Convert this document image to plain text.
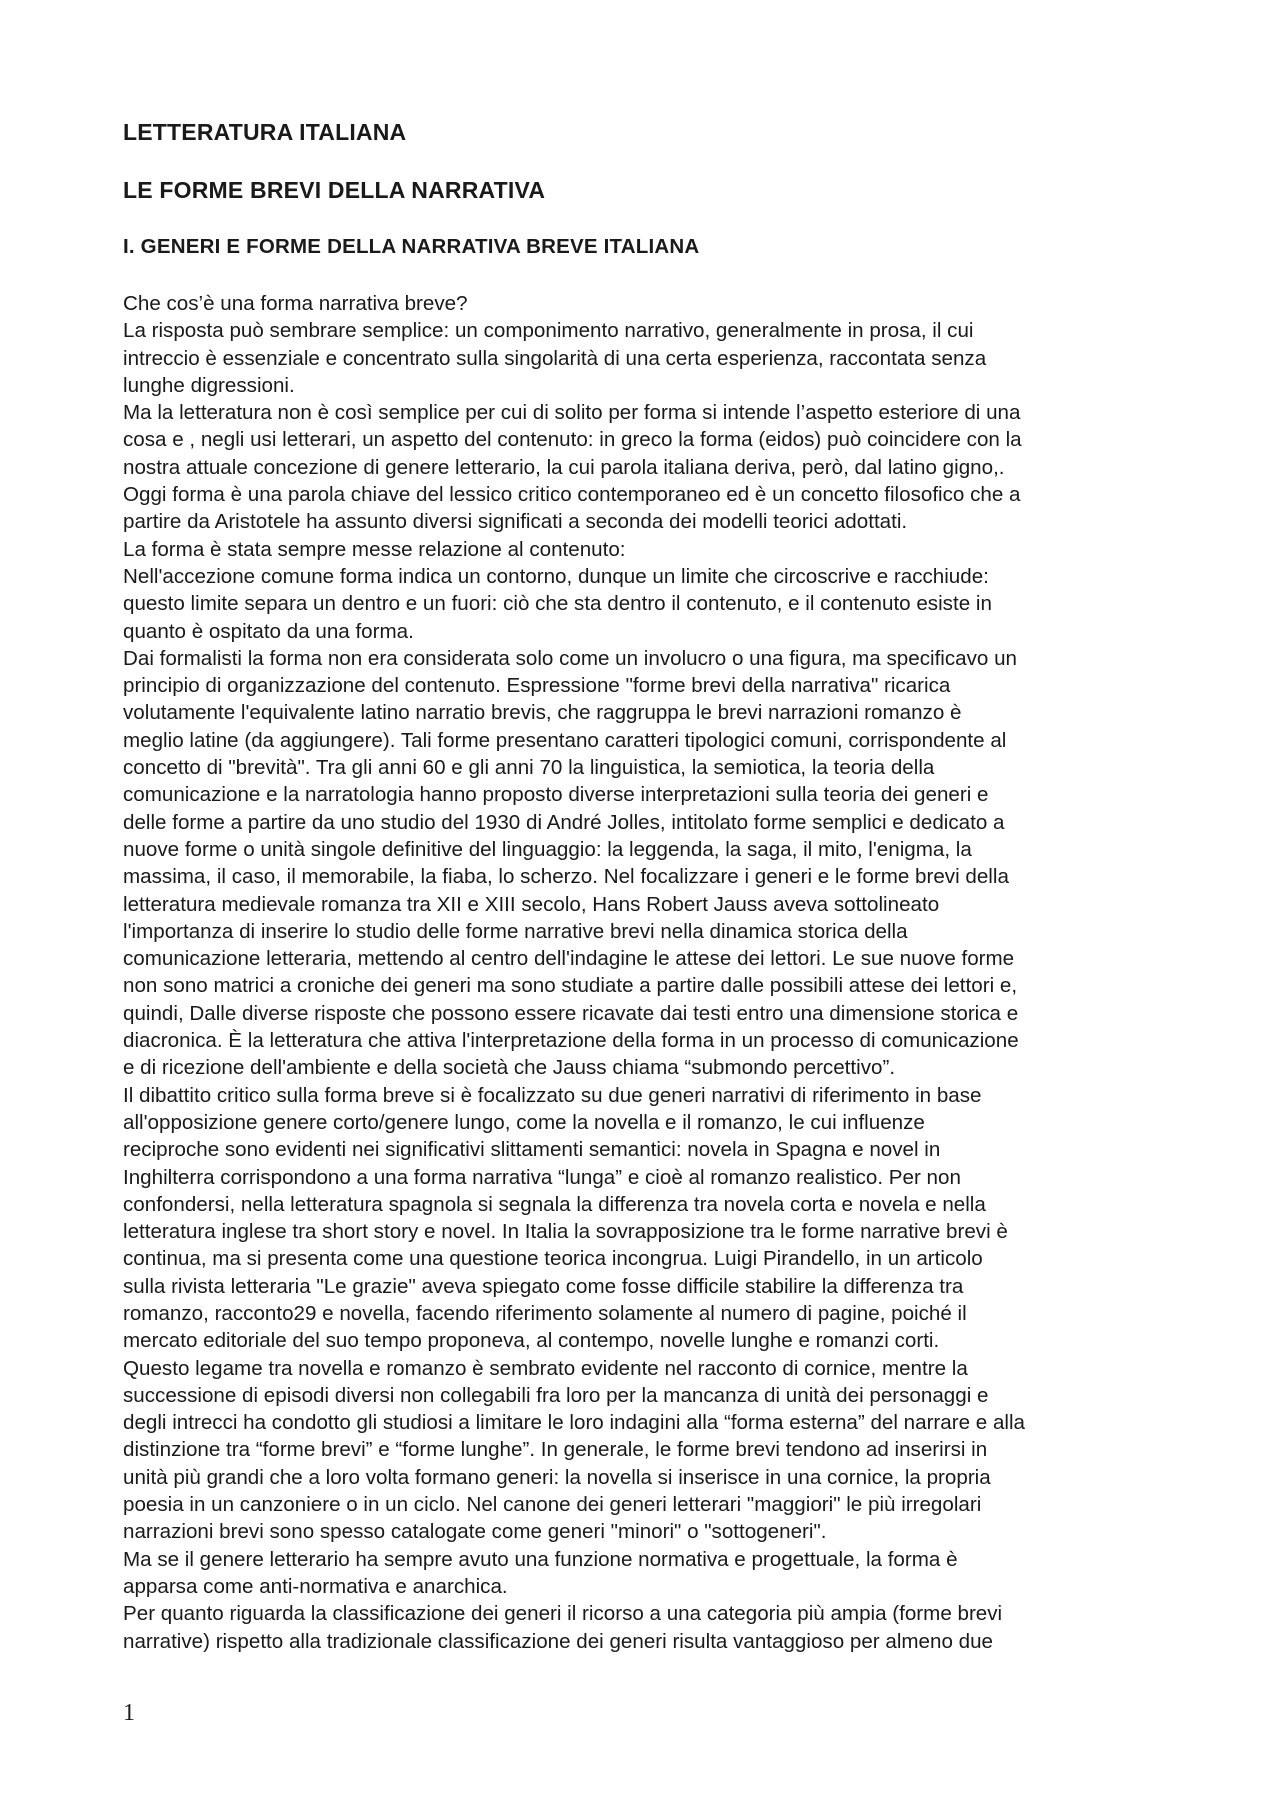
LETTERATURA ITALIANA
LE FORME BREVI DELLA NARRATIVA
I. GENERI E FORME DELLA NARRATIVA BREVE ITALIANA

Che cos’è una forma narrativa breve?
La risposta può sembrare semplice: un componimento narrativo, generalmente in prosa, il cui
intreccio è essenziale e concentrato sulla singolarità di una certa esperienza, raccontata senza
lunghe digressioni.

Ma la letteratura non è così semplice per cui di solito per forma si intende l’aspetto esteriore di una
cosa e , negli usi letterari, un aspetto del contenuto: in greco la forma (eidos) può coincidere con la
nostra attuale concezione di genere letterario, la cui parola italiana deriva, però, dal latino gigno,.
Oggi forma è una parola chiave del lessico critico contemporaneo ed è un concetto filosofico che a
partire da Aristotele ha assunto diversi significati a seconda dei modelli teorici adottati.

La forma è stata sempre messe relazione al contenuto:
Nell'accezione comune forma indica un contorno, dunque un limite che circoscrive e racchiude:
questo limite separa un dentro e un fuori: ciò che sta dentro il contenuto, e il contenuto esiste in
quanto è ospitato da una forma.

Dai formalisti la forma non era considerata solo come un involucro o una figura, ma specificavo un
principio di organizzazione del contenuto. Espressione "forme brevi della narrativa" ricarica
volutamente l'equivalente latino narratio brevis, che raggruppa le brevi narrazioni romanzo è
meglio latine (da aggiungere). Tali forme presentano caratteri tipologici comuni, corrispondente al
concetto di "brevità". Tra gli anni 60 e gli anni 70 la linguistica, la semiotica, la teoria della
comunicazione e la narratologia hanno proposto diverse interpretazioni sulla teoria dei generi e
delle forme a partire da uno studio del 1930 di André Jolles, intitolato forme semplici e dedicato a
nuove forme o unità singole definitive del linguaggio: la leggenda, la saga, il mito, l'enigma, la
massima, il caso, il memorabile, la fiaba, lo scherzo. Nel focalizzare i generi e le forme brevi della
letteratura medievale romanza tra XII e XIII secolo, Hans Robert Jauss aveva sottolineato
l'importanza di inserire lo studio delle forme narrative brevi nella dinamica storica della
comunicazione letteraria, mettendo al centro dell'indagine le attese dei lettori. Le sue nuove forme
non sono matrici a croniche dei generi ma sono studiate a partire dalle possibili attese dei lettori e,
quindi, Dalle diverse risposte che possono essere ricavate dai testi entro una dimensione storica e
diacronica. È la letteratura che attiva l'interpretazione della forma in un processo di comunicazione
e di ricezione dell'ambiente e della società che Jauss chiama “submondo percettivo”.

Il dibattito critico sulla forma breve si è focalizzato su due generi narrativi di riferimento in base
all'opposizione genere corto/genere lungo, come la novella e il romanzo, le cui influenze
reciproche sono evidenti nei significativi slittamenti semantici: novela in Spagna e novel in
Inghilterra corrispondono a una forma narrativa “lunga” e cioè al romanzo realistico. Per non
confondersi, nella letteratura spagnola si segnala la differenza tra novela corta e novela e nella
letteratura inglese tra short story e novel. In Italia la sovrapposizione tra le forme narrative brevi è
continua, ma si presenta come una questione teorica incongrua. Luigi Pirandello, in un articolo
sulla rivista letteraria "Le grazie" aveva spiegato come fosse difficile stabilire la differenza tra
romanzo, racconto29 e novella, facendo riferimento solamente al numero di pagine, poiché il
mercato editoriale del suo tempo proponeva, al contempo, novelle lunghe e romanzi corti.

Questo legame tra novella e romanzo è sembrato evidente nel racconto di cornice, mentre la
successione di episodi diversi non collegabili fra loro per la mancanza di unità dei personaggi e
degli intrecci ha condotto gli studiosi a limitare le loro indagini alla “forma esterna” del narrare e alla
distinzione tra “forme brevi” e “forme lunghe”. In generale, le forme brevi tendono ad inserirsi in
unità più grandi che a loro volta formano generi: la novella si inserisce in una cornice, la propria
poesia in un canzoniere o in un ciclo. Nel canone dei generi letterari "maggiori" le più irregolari
narrazioni brevi sono spesso catalogate come generi "minori" o "sottogeneri".

Ma se il genere letterario ha sempre avuto una funzione normativa e progettuale, la forma è
apparsa come anti-normativa e anarchica.

Per quanto riguarda la classificazione dei generi il ricorso a una categoria più ampia (forme brevi
narrative) rispetto alla tradizionale classificazione dei generi risulta vantaggioso per almeno due

1
